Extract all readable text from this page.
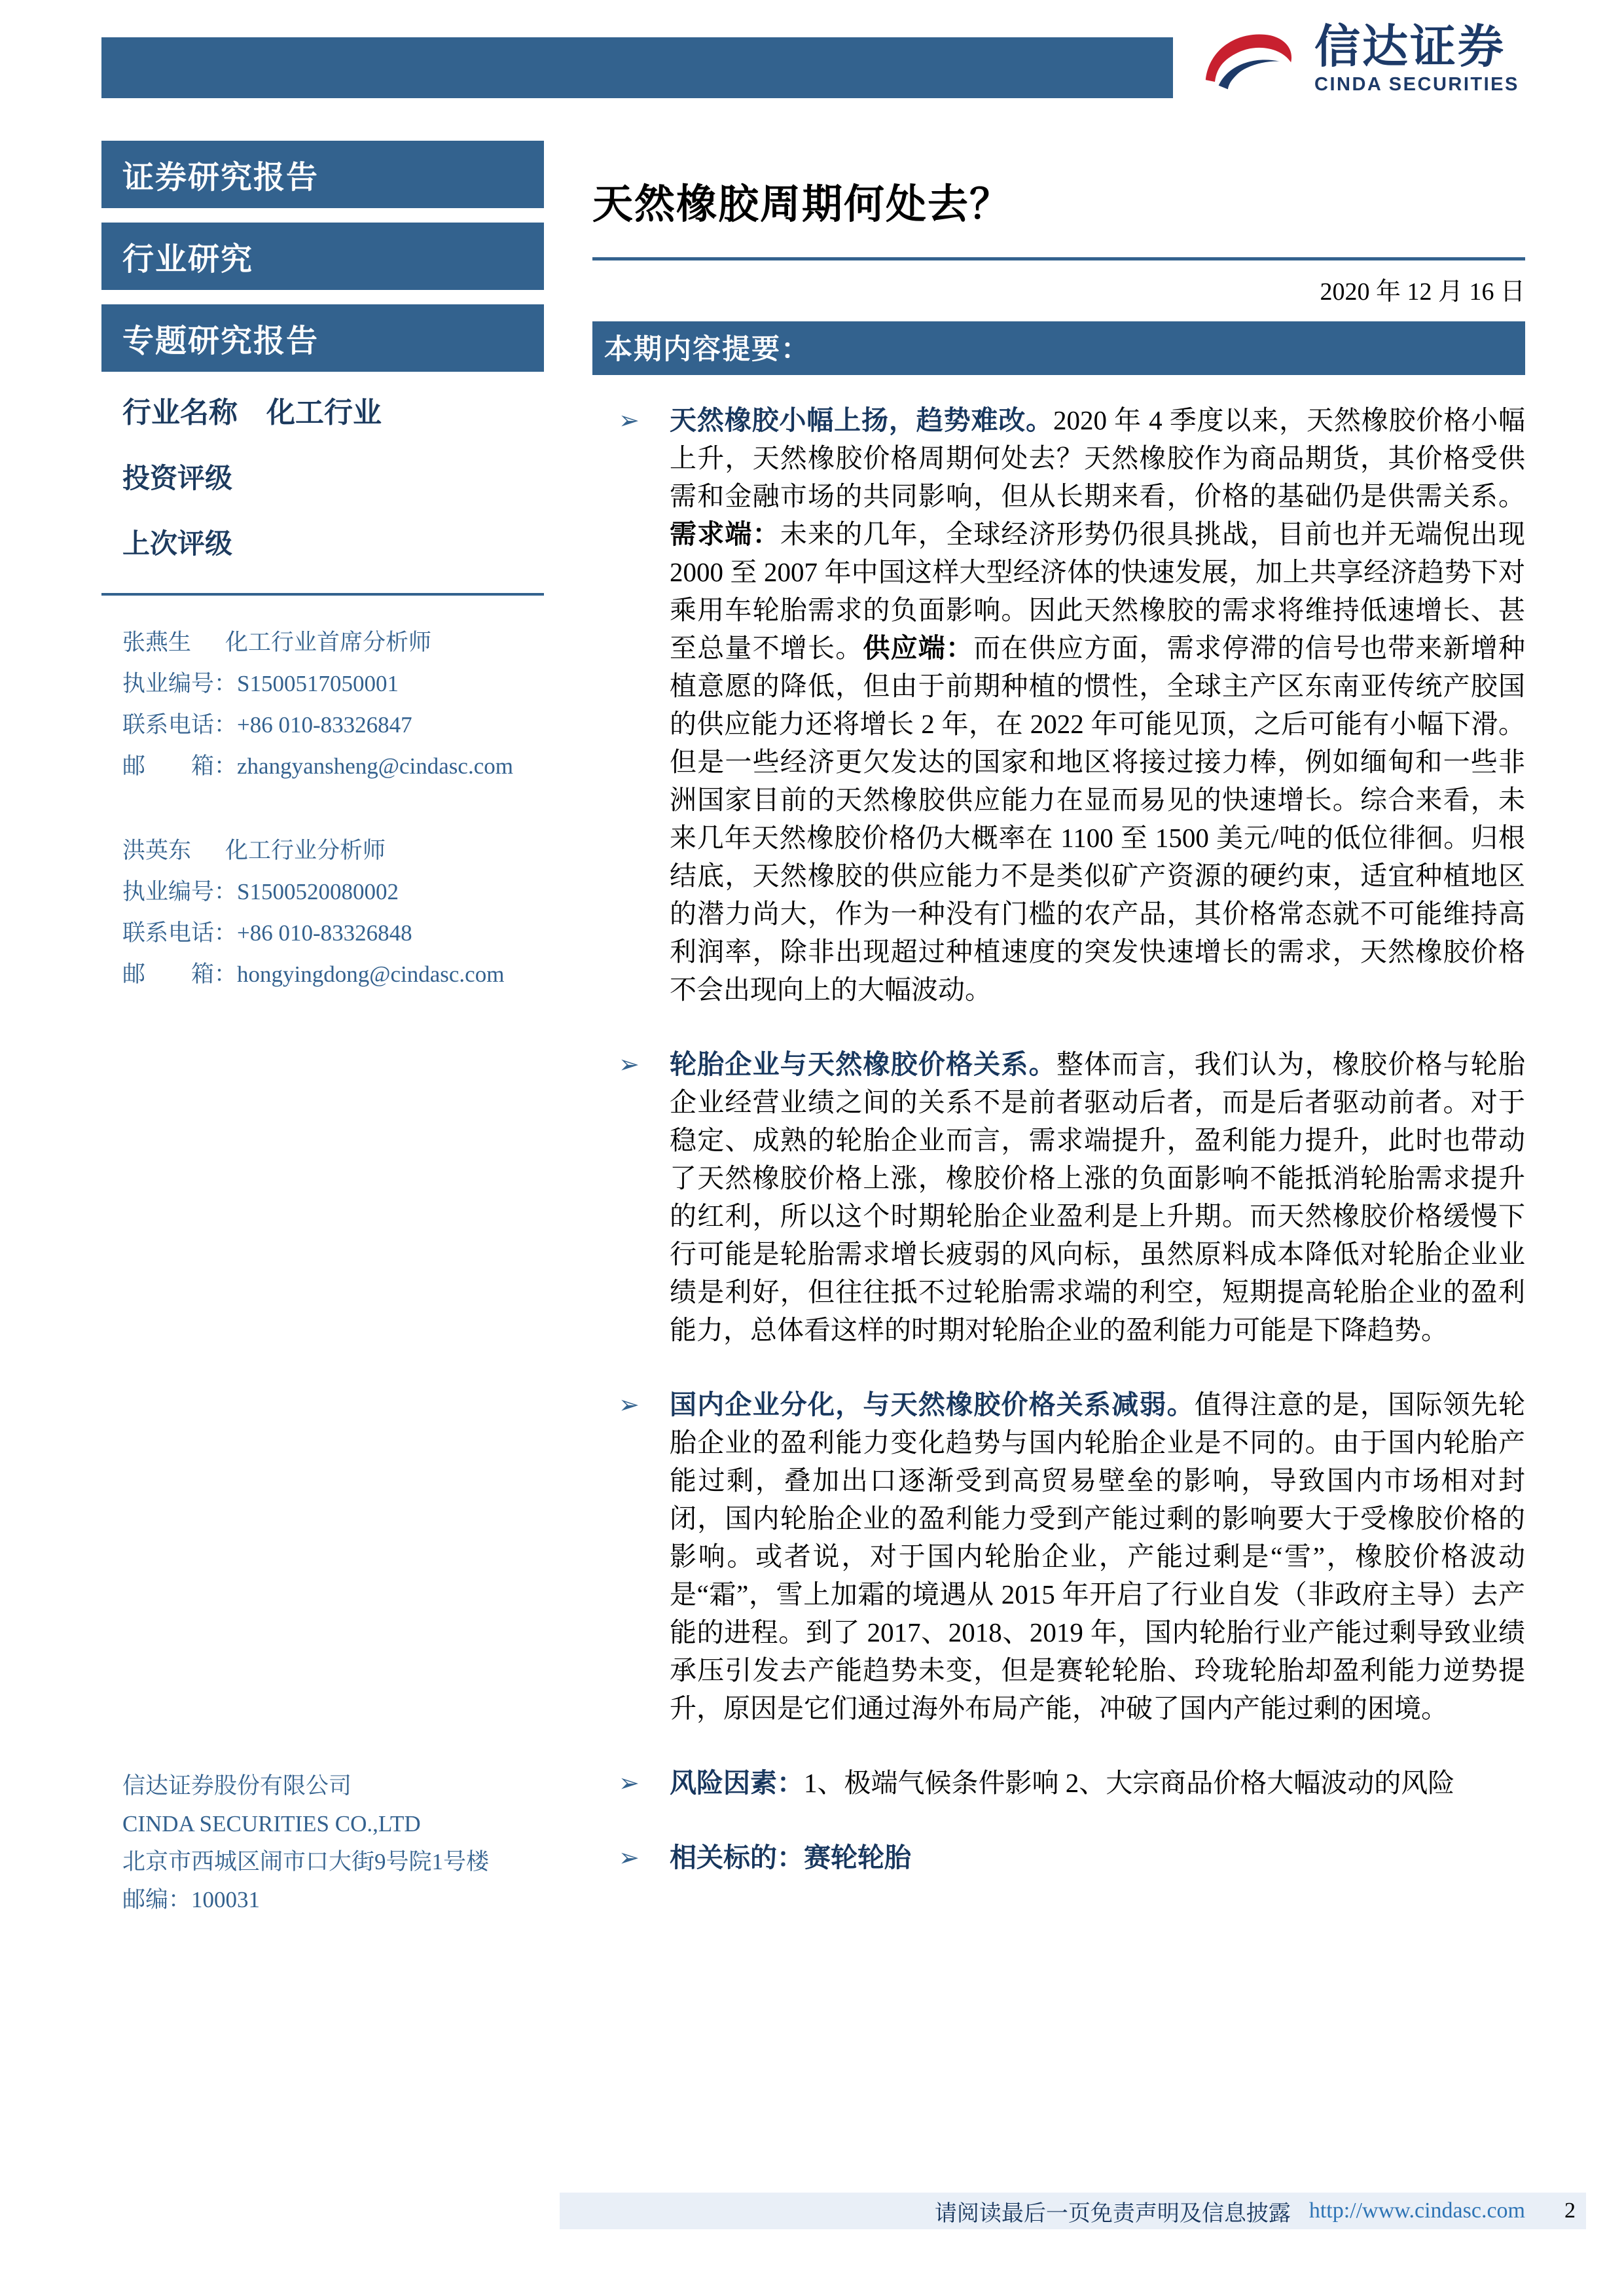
信达证券
CINDA SECURITIES
证券研究报告
行业研究
专题研究报告
行业名称 化工行业
投资评级
上次评级
张燕生 化工行业首席分析师
执业编号：S1500517050001
联系电话：+86 010-83326847
邮　　箱：zhangyansheng@cindasc.com
洪英东 化工行业分析师
执业编号：S1500520080002
联系电话：+86 010-83326848
邮　　箱：hongyingdong@cindasc.com
信达证券股份有限公司
CINDA SECURITIES CO.,LTD
北京市西城区闹市口大街9号院1号楼
邮编：100031
天然橡胶周期何处去？
2020 年 12 月 16 日
本期内容提要：
➢	天然橡胶小幅上扬，趋势难改。2020 年 4 季度以来，天然橡胶价格小幅上升，天然橡胶价格周期何处去？天然橡胶作为商品期货，其价格受供需和金融市场的共同影响，但从长期来看，价格的基础仍是供需关系。需求端：未来的几年，全球经济形势仍很具挑战，目前也并无端倪出现 2000 至 2007 年中国这样大型经济体的快速发展，加上共享经济趋势下对乘用车轮胎需求的负面影响。因此天然橡胶的需求将维持低速增长、甚至总量不增长。供应端：而在供应方面，需求停滞的信号也带来新增种植意愿的降低，但由于前期种植的惯性，全球主产区东南亚传统产胶国的供应能力还将增长 2 年，在 2022 年可能见顶，之后可能有小幅下滑。但是一些经济更欠发达的国家和地区将接过接力棒，例如缅甸和一些非洲国家目前的天然橡胶供应能力在显而易见的快速增长。综合来看，未来几年天然橡胶价格仍大概率在 1100 至 1500 美元/吨的低位徘徊。归根结底，天然橡胶的供应能力不是类似矿产资源的硬约束，适宜种植地区的潜力尚大，作为一种没有门槛的农产品，其价格常态就不可能维持高利润率，除非出现超过种植速度的突发快速增长的需求，天然橡胶价格不会出现向上的大幅波动。

➢	轮胎企业与天然橡胶价格关系。整体而言，我们认为，橡胶价格与轮胎企业经营业绩之间的关系不是前者驱动后者，而是后者驱动前者。对于稳定、成熟的轮胎企业而言，需求端提升，盈利能力提升，此时也带动了天然橡胶价格上涨，橡胶价格上涨的负面影响不能抵消轮胎需求提升的红利，所以这个时期轮胎企业盈利是上升期。而天然橡胶价格缓慢下行可能是轮胎需求增长疲弱的风向标，虽然原料成本降低对轮胎企业业绩是利好，但往往抵不过轮胎需求端的利空，短期提高轮胎企业的盈利能力，总体看这样的时期对轮胎企业的盈利能力可能是下降趋势。

➢	国内企业分化，与天然橡胶价格关系减弱。值得注意的是，国际领先轮胎企业的盈利能力变化趋势与国内轮胎企业是不同的。由于国内轮胎产能过剩，叠加出口逐渐受到高贸易壁垒的影响，导致国内市场相对封闭，国内轮胎企业的盈利能力受到产能过剩的影响要大于受橡胶价格的影响。或者说，对于国内轮胎企业，产能过剩是“雪”，橡胶价格波动是“霜”，雪上加霜的境遇从 2015 年开启了行业自发（非政府主导）去产能的进程。到了 2017、2018、2019 年，国内轮胎行业产能过剩导致业绩承压引发去产能趋势未变，但是赛轮轮胎、玲珑轮胎却盈利能力逆势提升，原因是它们通过海外布局产能，冲破了国内产能过剩的困境。

➢	风险因素：1、极端气候条件影响 2、大宗商品价格大幅波动的风险

➢	相关标的：赛轮轮胎

请阅读最后一页免责声明及信息披露 http://www.cindasc.com 2
